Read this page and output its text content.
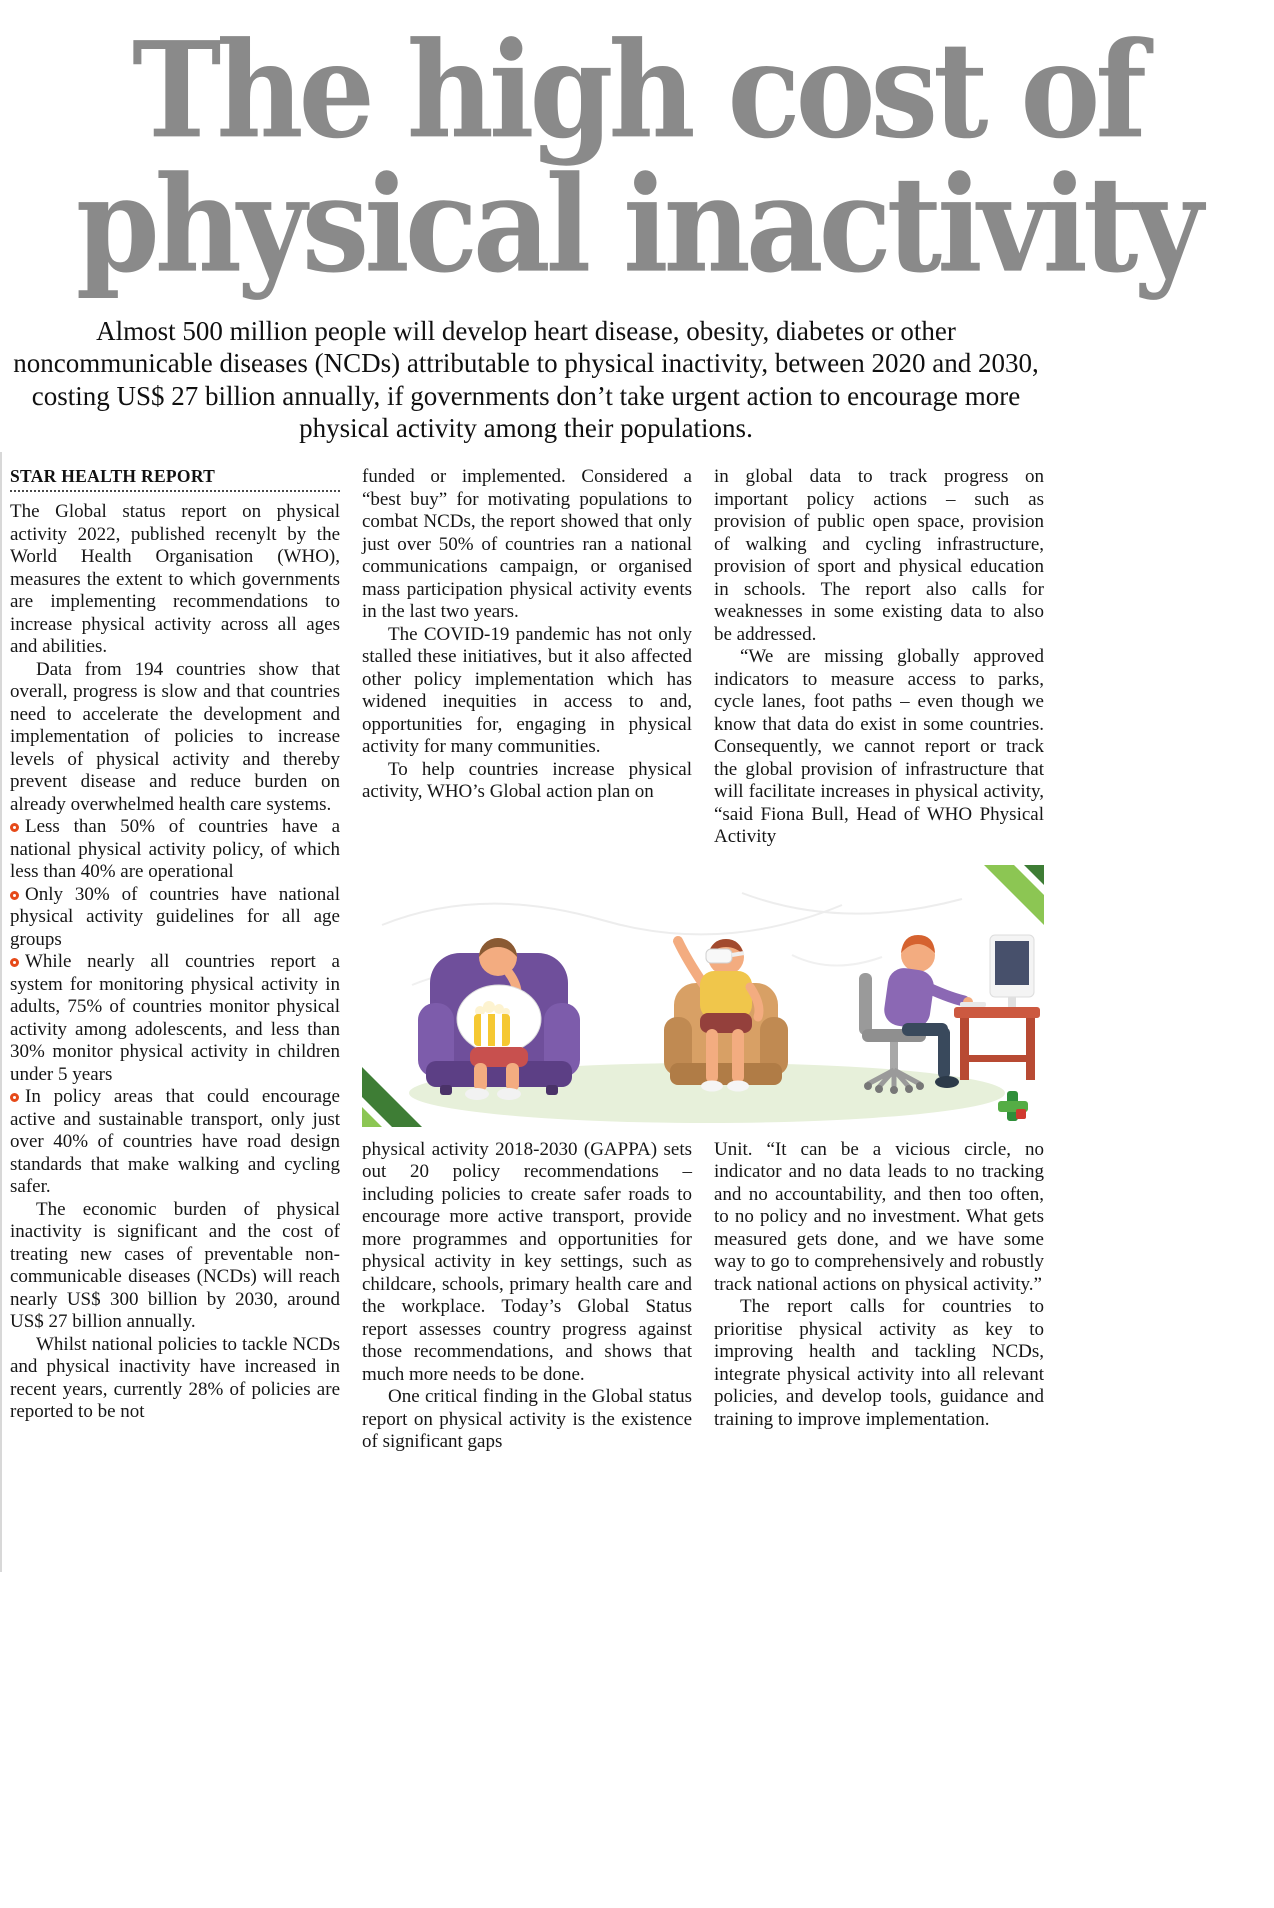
The high cost of
physical inactivity

Almost 500 million people will develop heart disease, obesity, diabetes or other noncommunicable diseases (NCDs) attributable to physical inactivity, between 2020 and 2030, costing US$ 27 billion annually, if governments don’t take urgent action to encourage more physical activity among their populations.

STAR HEALTH REPORT

The Global status report on physical activity 2022, published recenylt by the World Health Organisation (WHO), measures the extent to which governments are implementing recommendations to increase physical activity across all ages and abilities.

Data from 194 countries show that overall, progress is slow and that countries need to accelerate the development and implementation of policies to increase levels of physical activity and thereby prevent disease and reduce burden on already overwhelmed health care systems.

Less than 50% of countries have a national physical activity policy, of which less than 40% are operational

Only 30% of countries have national physical activity guidelines for all age groups

While nearly all countries report a system for monitoring physical activity in adults, 75% of countries monitor physical activity among adolescents, and less than 30% monitor physical activity in children under 5 years

In policy areas that could encourage active and sustainable transport, only just over 40% of countries have road design standards that make walking and cycling safer.

The economic burden of physical inactivity is significant and the cost of treating new cases of preventable non-communicable diseases (NCDs) will reach nearly US$ 300 billion by 2030, around US$ 27 billion annually.

Whilst national policies to tackle NCDs and physical inactivity have increased in recent years, currently 28% of policies are reported to be not

funded or implemented. Considered a “best buy” for motivating populations to combat NCDs, the report showed that only just over 50% of countries ran a national communications campaign, or organised mass participation physical activity events in the last two years.

The COVID-19 pandemic has not only stalled these initiatives, but it also affected other policy implementation which has widened inequities in access to and, opportunities for, engaging in physical activity for many communities.

To help countries increase physical activity, WHO’s Global action plan on

in global data to track progress on important policy actions – such as provision of public open space, provision of walking and cycling infrastructure, provision of sport and physical education in schools. The report also calls for weaknesses in some existing data to also be addressed.

“We are missing globally approved indicators to measure access to parks, cycle lanes, foot paths – even though we know that data do exist in some countries. Consequently, we cannot report or track the global provision of infrastructure that will facilitate increases in physical activity, “said Fiona Bull, Head of WHO Physical Activity

physical activity 2018-2030 (GAPPA) sets out 20 policy recommendations – including policies to create safer roads to encourage more active transport, provide more programmes and opportunities for physical activity in key settings, such as childcare, schools, primary health care and the workplace. Today’s Global Status report assesses country progress against those recommendations, and shows that much more needs to be done.

One critical finding in the Global status report on physical activity is the existence of significant gaps

Unit. “It can be a vicious circle, no indicator and no data leads to no tracking and no accountability, and then too often, to no policy and no investment. What gets measured gets done, and we have some way to go to comprehensively and robustly track national actions on physical activity.”

The report calls for countries to prioritise physical activity as key to improving health and tackling NCDs, integrate physical activity into all relevant policies, and develop tools, guidance and training to improve implementation.
